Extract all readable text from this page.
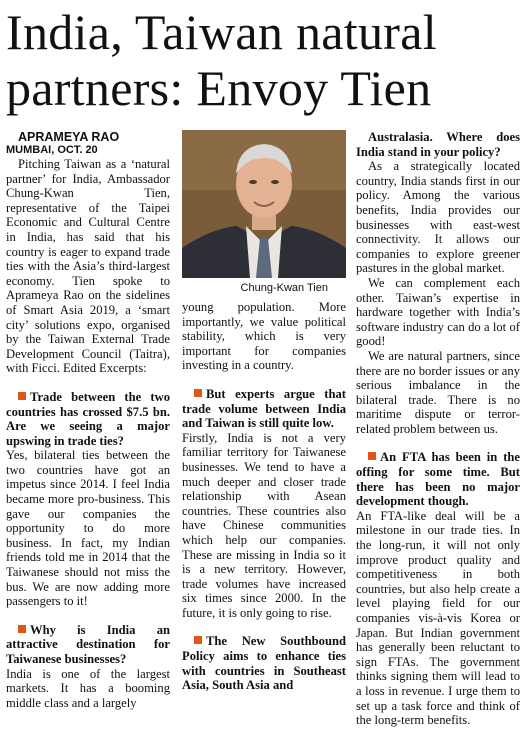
India, Taiwan natural
partners: Envoy Tien

APRAMEYA RAO

MUMBAI, OCT. 20

Pitching Taiwan as a ‘natural partner’ for India, Ambassador Chung-Kwan Tien, representative of the Taipei Economic and Cultural Centre in India, has said that his country is eager to expand trade ties with the Asia’s third-largest economy. Tien spoke to Aprameya Rao on the sidelines of Smart Asia 2019, a ‘smart city’ solutions expo, organised by the Taiwan External Trade Development Council (Taitra), with Ficci. Edited Excerpts:

Trade between the two countries has crossed $7.5 bn. Are we seeing a major upswing in trade ties?

Yes, bilateral ties between the two countries have got an impetus since 2014. I feel India became more pro-business. This gave our companies the opportunity to do more business. In fact, my Indian friends told me in 2014 that the Taiwanese should not miss the bus. We are now adding more passengers to it!

Why is India an attractive destination for Taiwanese businesses?

India is one of the largest markets. It has a booming middle class and a largely

Chung-Kwan Tien

young population. More importantly, we value political stability, which is very important for companies investing in a country.

But experts argue that trade volume between India and Taiwan is still quite low.

Firstly, India is not a very familiar territory for Taiwanese businesses. We tend to have a much deeper and closer trade relationship with Asean countries. These countries also have Chinese communities which help our companies. These are missing in India so it is a new territory. However, trade volumes have increased six times since 2000. In the future, it is only going to rise.

The New Southbound Policy aims to enhance ties with countries in Southeast Asia, South Asia and

Australasia. Where does India stand in your policy?

As a strategically located country, India stands first in our policy. Among the various benefits, India provides our businesses with east-west connectivity. It allows our companies to explore greener pastures in the global market.

We can complement each other. Taiwan’s expertise in hardware together with India’s software industry can do a lot of good!

We are natural partners, since there are no border issues or any serious imbalance in the bilateral trade. There is no maritime dispute or terror-related problem between us.

An FTA has been in the offing for some time. But there has been no major development though.

An FTA-like deal will be a milestone in our trade ties. In the long-run, it will not only improve product quality and competitiveness in both countries, but also help create a level playing field for our companies vis-à-vis Korea or Japan. But Indian government has generally been reluctant to sign FTAs. The government thinks signing them will lead to a loss in revenue. I urge them to set up a task force and think of the long-term benefits.
